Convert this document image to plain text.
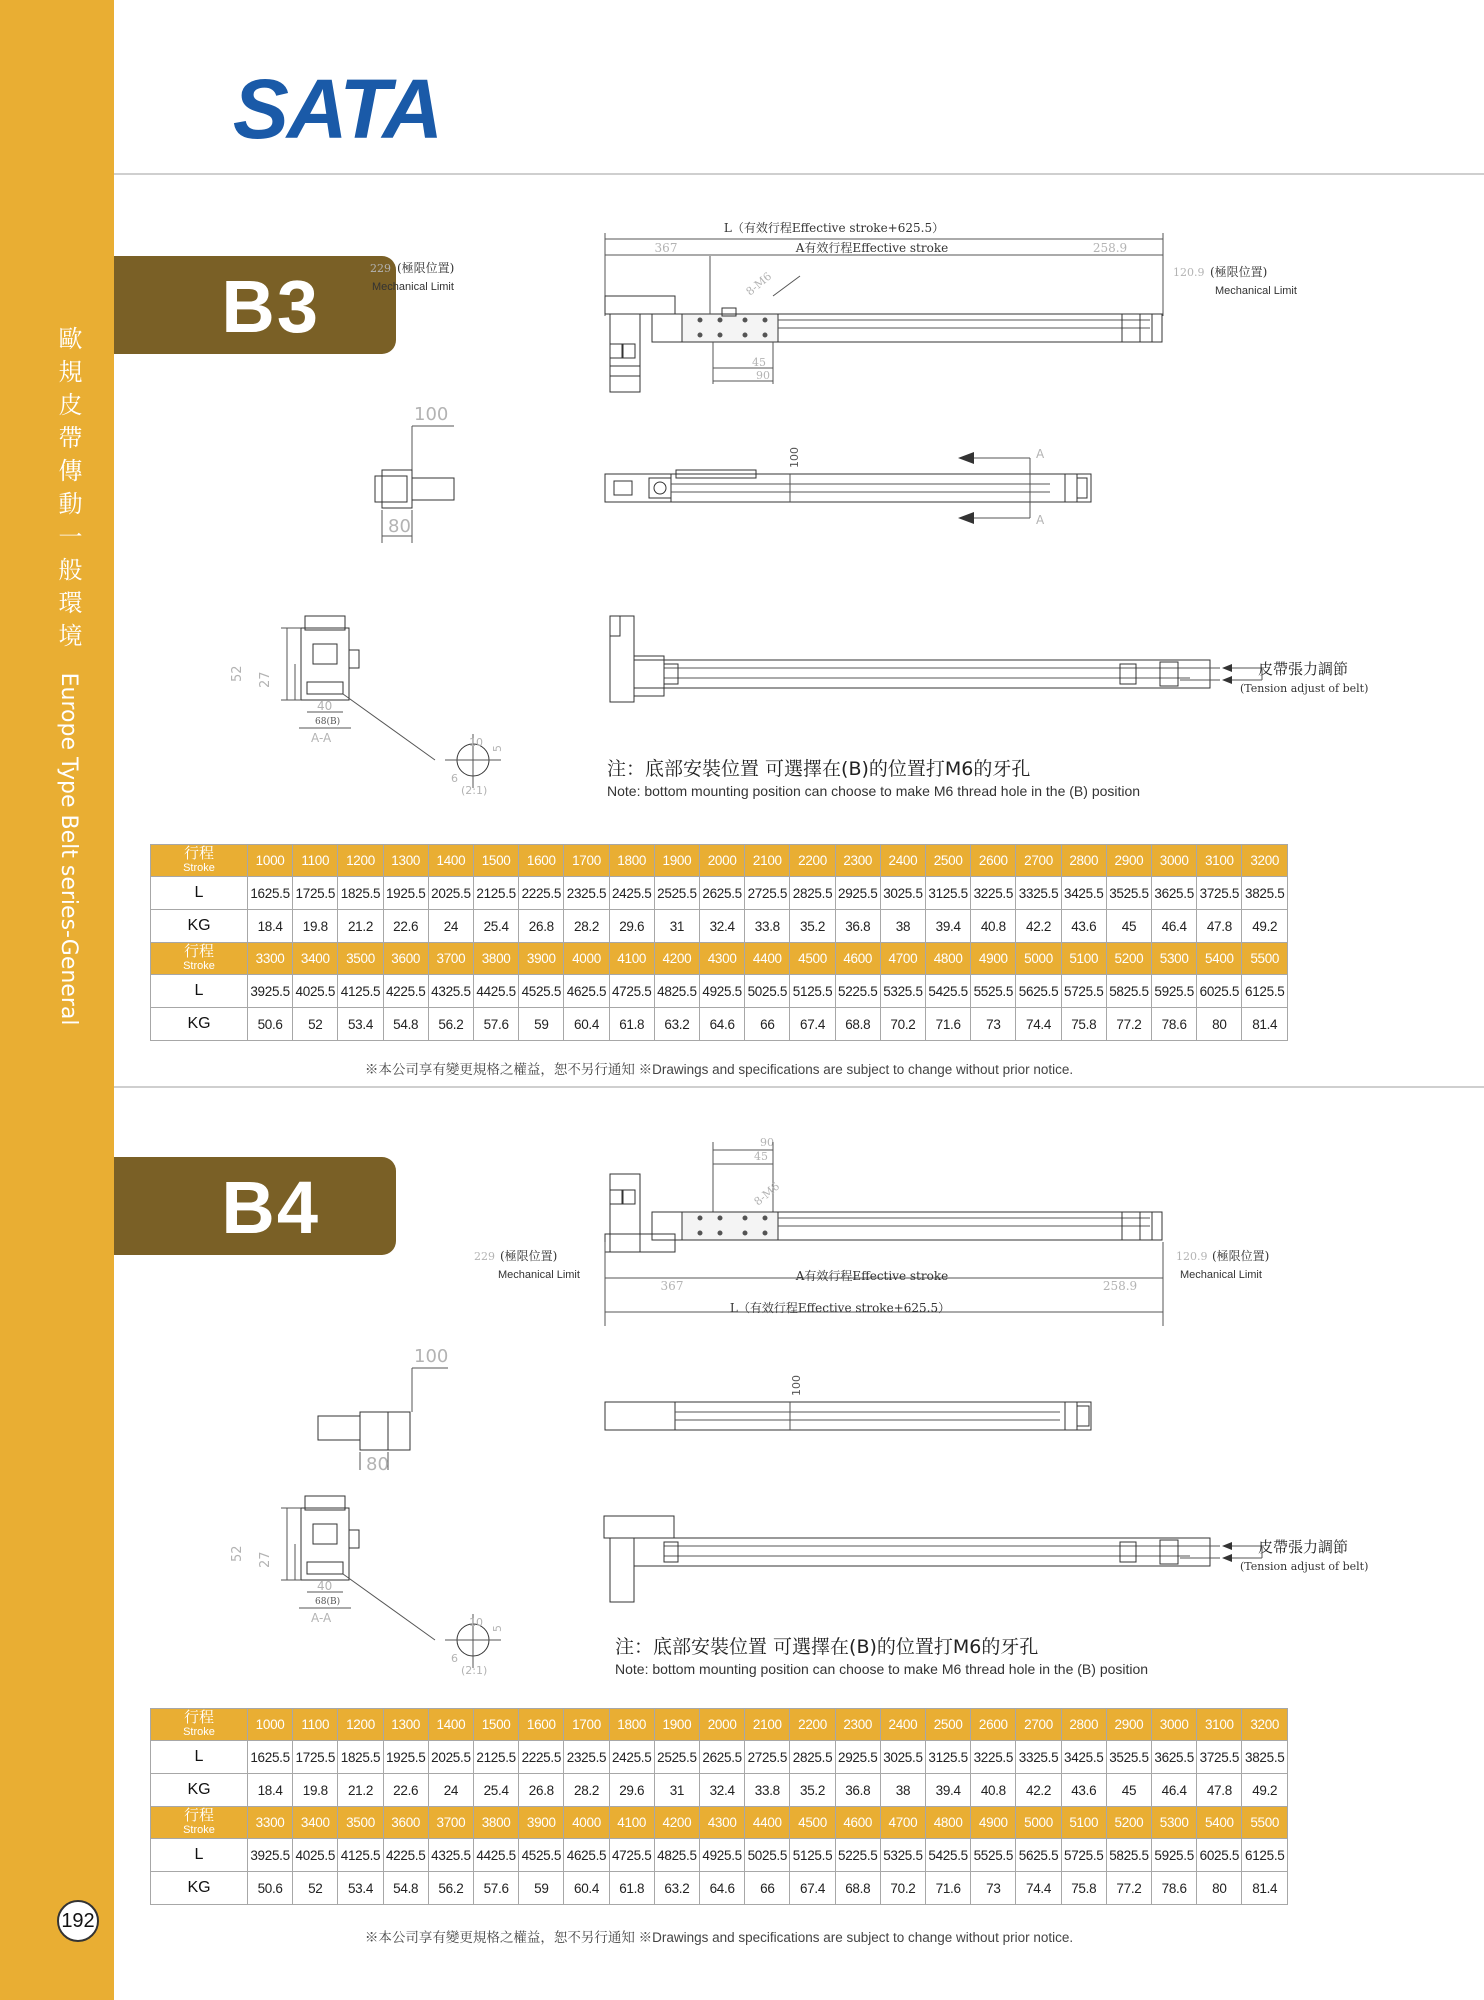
歐規皮帶傳動一般環境 Europe Type Belt series-General
192
SATA
B3	229 (極限位置)
Mechanical Limit
L（有效行程Effective stroke+625.5）
A有效行程Effective stroke
367	258.9
120.9 (極限位置)
Mechanical Limit
8-M6
45
90
100
80
100	A
A
52 27
40
68(B)
A-A	10 5
6
(2:1)
皮帶張力調節
(Tension adjust of belt)
注：底部安裝位置 可選擇在(B)的位置打M6的牙孔
Note: bottom mounting position can choose to make M6 thread hole in the (B) position
行程
Stroke	1000	1100	1200	1300	1400	1500	1600	1700	1800	1900	2000	2100	2200	2300	2400	2500	2600	2700	2800	2900	3000	3100	3200
L	1625.5	1725.5	1825.5	1925.5	2025.5	2125.5	2225.5	2325.5	2425.5	2525.5	2625.5	2725.5	2825.5	2925.5	3025.5	3125.5	3225.5	3325.5	3425.5	3525.5	3625.5	3725.5	3825.5
KG	18.4	19.8	21.2	22.6	24	25.4	26.8	28.2	29.6	31	32.4	33.8	35.2	36.8	38	39.4	40.8	42.2	43.6	45	46.4	47.8	49.2
行程
Stroke	3300	3400	3500	3600	3700	3800	3900	4000	4100	4200	4300	4400	4500	4600	4700	4800	4900	5000	5100	5200	5300	5400	5500
L	3925.5	4025.5	4125.5	4225.5	4325.5	4425.5	4525.5	4625.5	4725.5	4825.5	4925.5	5025.5	5125.5	5225.5	5325.5	5425.5	5525.5	5625.5	5725.5	5825.5	5925.5	6025.5	6125.5
KG	50.6	52	53.4	54.8	56.2	57.6	59	60.4	61.8	63.2	64.6	66	67.4	68.8	70.2	71.6	73	74.4	75.8	77.2	78.6	80	81.4
※本公司享有變更規格之權益，恕不另行通知 ※Drawings and specifications are subject to change without prior notice.
B4
90
45
8-M6
229 (極限位置)
Mechanical Limit	A有效行程Effective stroke
367	258.9
L（有效行程Effective stroke+625.5）
120.9 (極限位置)
Mechanical Limit
100
80
100
52 27
40
68(B)
A-A	10 5
6
(2:1)
皮帶張力調節
(Tension adjust of belt)
注：底部安裝位置 可選擇在(B)的位置打M6的牙孔
Note: bottom mounting position can choose to make M6 thread hole in the (B) position
行程
Stroke	1000	1100	1200	1300	1400	1500	1600	1700	1800	1900	2000	2100	2200	2300	2400	2500	2600	2700	2800	2900	3000	3100	3200
L	1625.5	1725.5	1825.5	1925.5	2025.5	2125.5	2225.5	2325.5	2425.5	2525.5	2625.5	2725.5	2825.5	2925.5	3025.5	3125.5	3225.5	3325.5	3425.5	3525.5	3625.5	3725.5	3825.5
KG	18.4	19.8	21.2	22.6	24	25.4	26.8	28.2	29.6	31	32.4	33.8	35.2	36.8	38	39.4	40.8	42.2	43.6	45	46.4	47.8	49.2
行程
Stroke	3300	3400	3500	3600	3700	3800	3900	4000	4100	4200	4300	4400	4500	4600	4700	4800	4900	5000	5100	5200	5300	5400	5500
L	3925.5	4025.5	4125.5	4225.5	4325.5	4425.5	4525.5	4625.5	4725.5	4825.5	4925.5	5025.5	5125.5	5225.5	5325.5	5425.5	5525.5	5625.5	5725.5	5825.5	5925.5	6025.5	6125.5
KG	50.6	52	53.4	54.8	56.2	57.6	59	60.4	61.8	63.2	64.6	66	67.4	68.8	70.2	71.6	73	74.4	75.8	77.2	78.6	80	81.4
※本公司享有變更規格之權益，恕不另行通知 ※Drawings and specifications are subject to change without prior notice.
